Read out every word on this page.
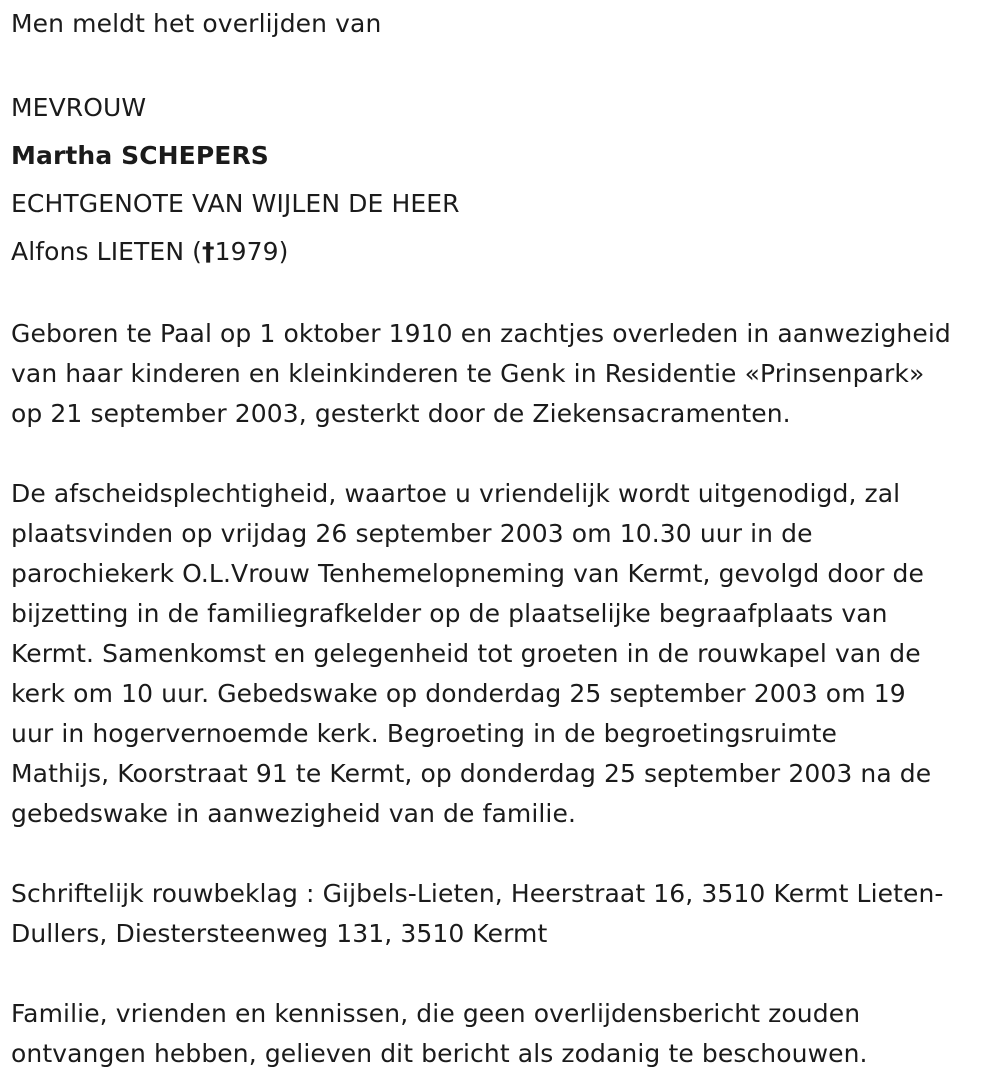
Men meldt het overlijden van

MEVROUW

Martha SCHEPERS

ECHTGENOTE VAN WIJLEN DE HEER

Alfons LIETEN (†1979)

Geboren te Paal op 1 oktober 1910 en zachtjes overleden in aanwezigheid

van haar kinderen en kleinkinderen te Genk in Residentie «Prinsenpark»

op 21 september 2003, gesterkt door de Ziekensacramenten.

De afscheidsplechtigheid, waartoe u vriendelijk wordt uitgenodigd, zal

plaatsvinden op vrijdag 26 september 2003 om 10.30 uur in de

parochiekerk O.L.Vrouw Tenhemelopneming van Kermt, gevolgd door de

bijzetting in de familiegrafkelder op de plaatselijke begraafplaats van

Kermt. Samenkomst en gelegenheid tot groeten in de rouwkapel van de

kerk om 10 uur. Gebedswake op donderdag 25 september 2003 om 19

uur in hogervernoemde kerk. Begroeting in de begroetingsruimte

Mathijs, Koorstraat 91 te Kermt, op donderdag 25 september 2003 na de

gebedswake in aanwezigheid van de familie.

Schriftelijk rouwbeklag : Gijbels-Lieten, Heerstraat 16, 3510 Kermt Lieten-

Dullers, Diestersteenweg 131, 3510 Kermt

Familie, vrienden en kennissen, die geen overlijdensbericht zouden

ontvangen hebben, gelieven dit bericht als zodanig te beschouwen.
